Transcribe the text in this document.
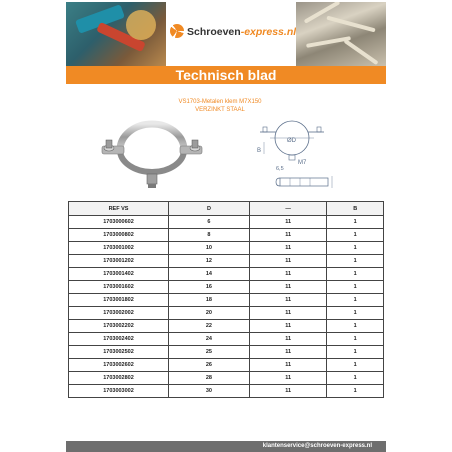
Schroeven-express.nl
Technisch blad
VS1703-Metalen klem M7X150
VERZINKT STAAL
B
ØD
M7
6,5
REF VS	D	—	B
1703000602	6	11	1
1703000802	8	11	1
1703001002	10	11	1
1703001202	12	11	1
1703001402	14	11	1
1703001602	16	11	1
1703001802	18	11	1
1703002002	20	11	1
1703002202	22	11	1
1703002402	24	11	1
1703002502	25	11	1
1703002602	26	11	1
1703002802	28	11	1
1703003002	30	11	1
klantenservice@schroeven-express.nl
